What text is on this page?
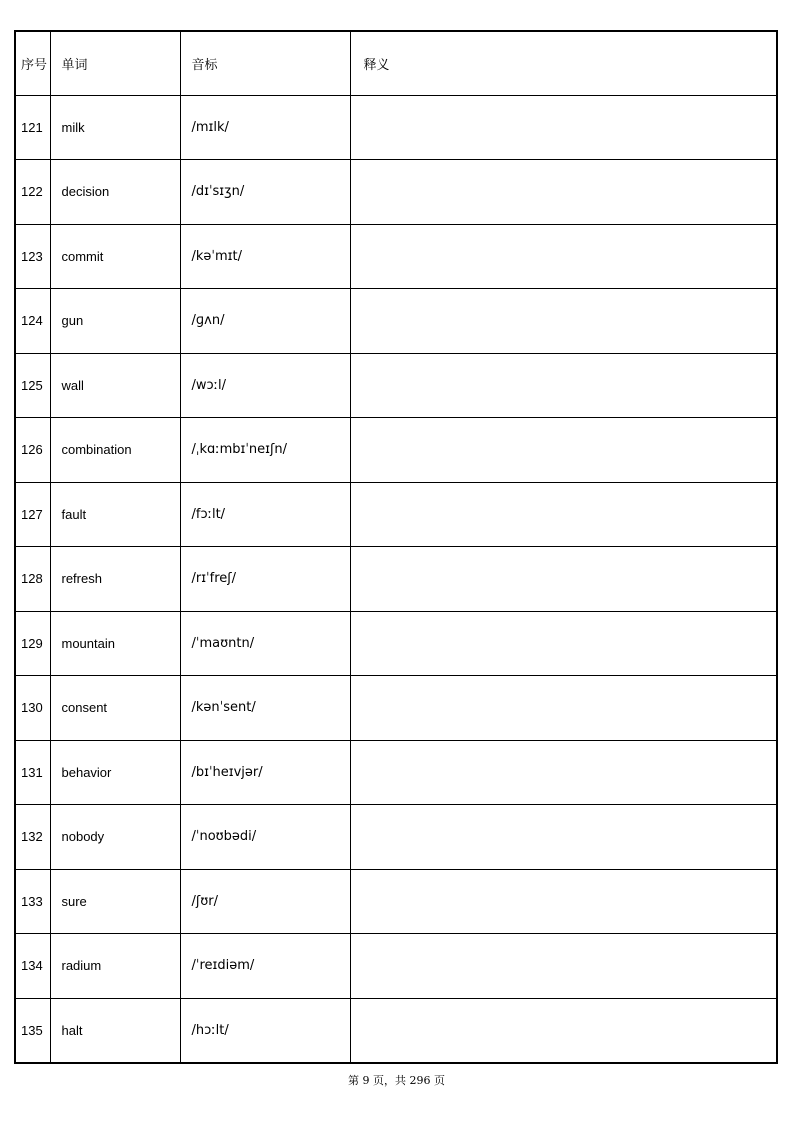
序号	单词	音标	释义
121	milk	/mɪlk/	
122	decision	/dɪˈsɪʒn/	
123	commit	/kəˈmɪt/	
124	gun	/ɡʌn/	
125	wall	/wɔːl/	
126	combination	/ˌkɑːmbɪˈneɪʃn/	
127	fault	/fɔːlt/	
128	refresh	/rɪˈfreʃ/	
129	mountain	/ˈmaʊntn/	
130	consent	/kənˈsent/	
131	behavior	/bɪˈheɪvjər/	
132	nobody	/ˈnoʊbədi/	
133	sure	/ʃʊr/	
134	radium	/ˈreɪdiəm/	
135	halt	/hɔːlt/	
第 9 页，共 296 页
